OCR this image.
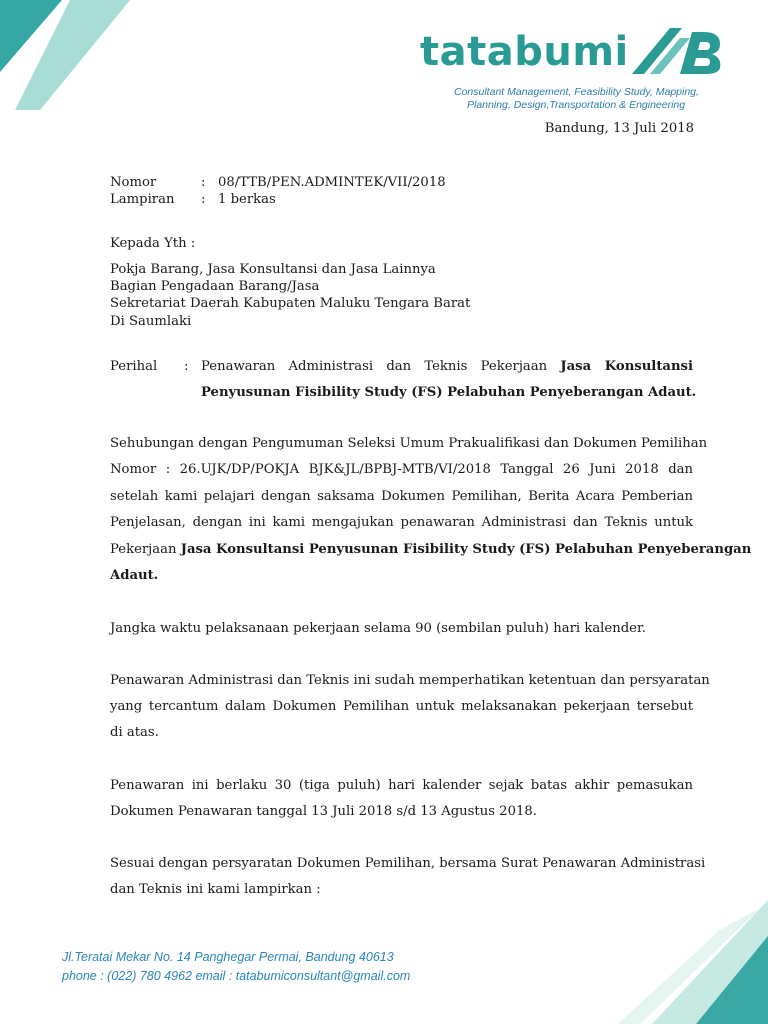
tatabumi
Consultant Management, Feasibility Study, Mapping,
Planning, Design,Transportation & Engineering
Bandung, 13 Juli 2018
Nomor	: 08/TTB/PEN.ADMINTEK/VII/2018
Lampiran : 1 berkas
Kepada Yth :
Pokja Barang, Jasa Konsultansi dan Jasa Lainnya
Bagian Pengadaan Barang/Jasa
Sekretariat Daerah Kabupaten Maluku Tengara Barat
Di Saumlaki
Perihal : Penawaran Administrasi dan Teknis Pekerjaan Jasa Konsultansi
Penyusunan Fisibility Study (FS) Pelabuhan Penyeberangan Adaut.
Sehubungan dengan Pengumuman Seleksi Umum Prakualifikasi dan Dokumen Pemilihan
Nomor : 26.UJK/DP/POKJA BJK&JL/BPBJ-MTB/VI/2018 Tanggal 26 Juni 2018 dan
setelah kami pelajari dengan saksama Dokumen Pemilihan, Berita Acara Pemberian
Penjelasan, dengan ini kami mengajukan penawaran Administrasi dan Teknis untuk
Pekerjaan Jasa Konsultansi Penyusunan Fisibility Study (FS) Pelabuhan Penyeberangan
Adaut.
Jangka waktu pelaksanaan pekerjaan selama 90 (sembilan puluh) hari kalender.
Penawaran Administrasi dan Teknis ini sudah memperhatikan ketentuan dan persyaratan
yang tercantum dalam Dokumen Pemilihan untuk melaksanakan pekerjaan tersebut
di atas.
Penawaran ini berlaku 30 (tiga puluh) hari kalender sejak batas akhir pemasukan
Dokumen Penawaran tanggal 13 Juli 2018 s/d 13 Agustus 2018.
Sesuai dengan persyaratan Dokumen Pemilihan, bersama Surat Penawaran Administrasi
dan Teknis ini kami lampirkan :
Jl.Teratai Mekar No. 14 Panghegar Permai, Bandung 40613
phone : (022) 780 4962 email : tatabumiconsultant@gmail.com
